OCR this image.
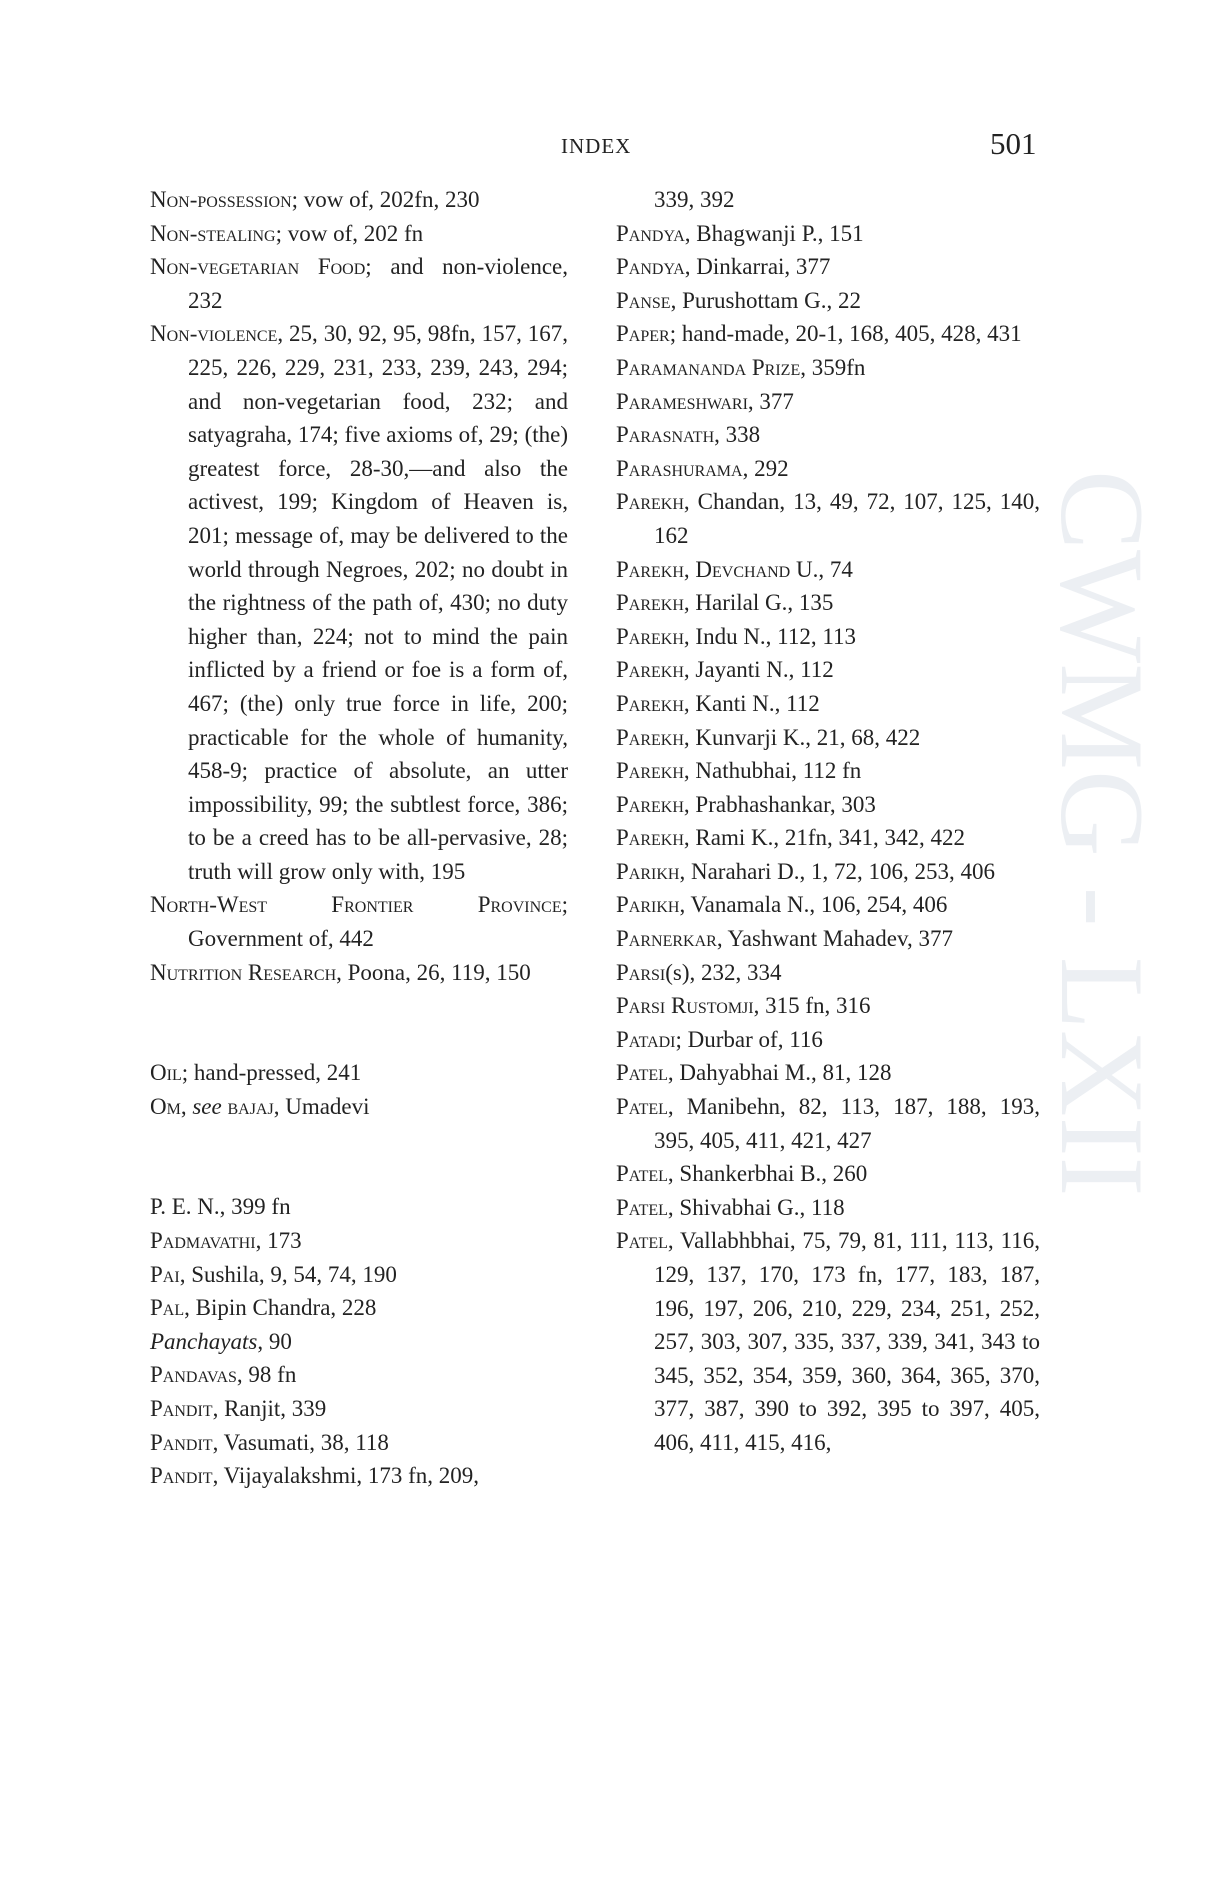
INDEX	501
CWMG - LXII

Non-possession; vow of, 202fn, 230

Non-stealing; vow of, 202 fn

Non-vegetarian Food; and non-violence, 232

Non-violence, 25, 30, 92, 95, 98fn, 157, 167, 225, 226, 229, 231, 233, 239, 243, 294; and non-vegetarian food, 232; and satyagraha, 174; five axioms of, 29; (the) greatest force, 28-30,—and also the activest, 199; Kingdom of Heaven is, 201; message of, may be delivered to the world through Negroes, 202; no doubt in the rightness of the path of, 430; no duty higher than, 224; not to mind the pain inflicted by a friend or foe is a form of, 467; (the) only true force in life, 200; practicable for the whole of humanity, 458-9; practice of absolute, an utter impossibility, 99; the subtlest force, 386; to be a creed has to be all-pervasive, 28; truth will grow only with, 195

North-West Frontier Province; Government of, 442

Nutrition Research, Poona, 26, 119, 150

Oil; hand-pressed, 241

Om, see bajaj, Umadevi

P. E. N., 399 fn

Padmavathi, 173

Pai, Sushila, 9, 54, 74, 190

Pal, Bipin Chandra, 228

Panchayats, 90

Pandavas, 98 fn

Pandit, Ranjit, 339

Pandit, Vasumati, 38, 118

Pandit, Vijayalakshmi, 173 fn, 209,

339, 392

Pandya, Bhagwanji P., 151

Pandya, Dinkarrai, 377

Panse, Purushottam G., 22

Paper; hand-made, 20-1, 168, 405, 428, 431

Paramananda Prize, 359fn

Parameshwari, 377

Parasnath, 338

Parashurama, 292

Parekh, Chandan, 13, 49, 72, 107, 125, 140, 162

Parekh, Devchand U., 74

Parekh, Harilal G., 135

Parekh, Indu N., 112, 113

Parekh, Jayanti N., 112

Parekh, Kanti N., 112

Parekh, Kunvarji K., 21, 68, 422

Parekh, Nathubhai, 112 fn

Parekh, Prabhashankar, 303

Parekh, Rami K., 21fn, 341, 342, 422

Parikh, Narahari D., 1, 72, 106, 253, 406

Parikh, Vanamala N., 106, 254, 406

Parnerkar, Yashwant Mahadev, 377

Parsi(s), 232, 334

Parsi Rustomji, 315 fn, 316

Patadi; Durbar of, 116

Patel, Dahyabhai M., 81, 128

Patel, Manibehn, 82, 113, 187, 188, 193, 395, 405, 411, 421, 427

Patel, Shankerbhai B., 260

Patel, Shivabhai G., 118

Patel, Vallabhbhai, 75, 79, 81, 111, 113, 116, 129, 137, 170, 173 fn, 177, 183, 187, 196, 197, 206, 210, 229, 234, 251, 252, 257, 303, 307, 335, 337, 339, 341, 343 to 345, 352, 354, 359, 360, 364, 365, 370, 377, 387, 390 to 392, 395 to 397, 405, 406, 411, 415, 416,
